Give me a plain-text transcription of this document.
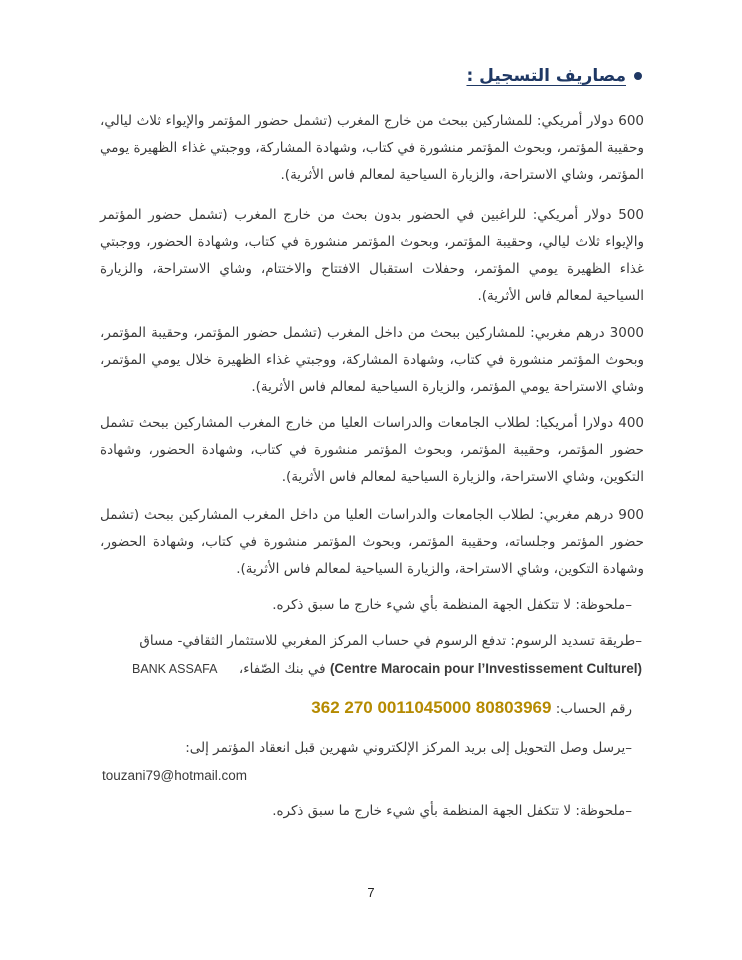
مصاريف التسجيل :

600 دولار أمريكي: للمشاركين ببحث من خارج المغرب (تشمل حضور المؤتمر والإيواء ثلاث ليالي، وحقيبة المؤتمر، وبحوث المؤتمر منشورة في كتاب، وشهادة المشاركة، ووجبتي غذاء الظهيرة يومي المؤتمر، وشاي الاستراحة، والزيارة السياحية لمعالم فاس الأثرية).

500 دولار أمريكي: للراغبين في الحضور بدون بحث من خارج المغرب (تشمل حضور المؤتمر والإيواء ثلاث ليالي، وحقيبة المؤتمر، وبحوث المؤتمر منشورة في كتاب، وشهادة الحضور، ووجبتي غذاء الظهيرة يومي المؤتمر، وحفلات استقبال الافتتاح والاختتام، وشاي الاستراحة، والزيارة السياحية لمعالم فاس الأثرية).

3000 درهم مغربي: للمشاركين ببحث من داخل المغرب (تشمل حضور المؤتمر، وحقيبة المؤتمر، وبحوث المؤتمر منشورة في كتاب، وشهادة المشاركة، ووجبتي غذاء الظهيرة خلال يومي المؤتمر، وشاي الاستراحة يومي المؤتمر، والزيارة السياحية لمعالم فاس الأثرية).

400 دولارا أمريكيا: لطلاب الجامعات والدراسات العليا من خارج المغرب المشاركين ببحث تشمل حضور المؤتمر، وحقيبة المؤتمر، وبحوث المؤتمر منشورة في كتاب، وشهادة الحضور، وشهادة التكوين، وشاي الاستراحة، والزيارة السياحية لمعالم فاس الأثرية).

900 درهم مغربي: لطلاب الجامعات والدراسات العليا من داخل المغرب المشاركين ببحث (تشمل حضور المؤتمر وجلساته، وحقيبة المؤتمر، وبحوث المؤتمر منشورة في كتاب، وشهادة الحضور، وشهادة التكوين، وشاي الاستراحة، والزيارة السياحية لمعالم فاس الأثرية).

–ملحوظة: لا تتكفل الجهة المنظمة بأي شيء خارج ما سبق ذكره.

–طريقة تسديد الرسوم: تدفع الرسوم في حساب المركز المغربي للاستثمار الثقافي- مساق
(Centre Marocain pour l’Investissement Culturel) في بنك الصّفاء،     BANK ASSAFA

رقم الحساب: 362 270 0011045000 80803969

–يرسل وصل التحويل إلى بريد المركز الإلكتروني شهرين قبل انعقاد المؤتمر إلى:

touzani79@hotmail.com

–ملحوظة: لا تتكفل الجهة المنظمة بأي شيء خارج ما سبق ذكره.

7
